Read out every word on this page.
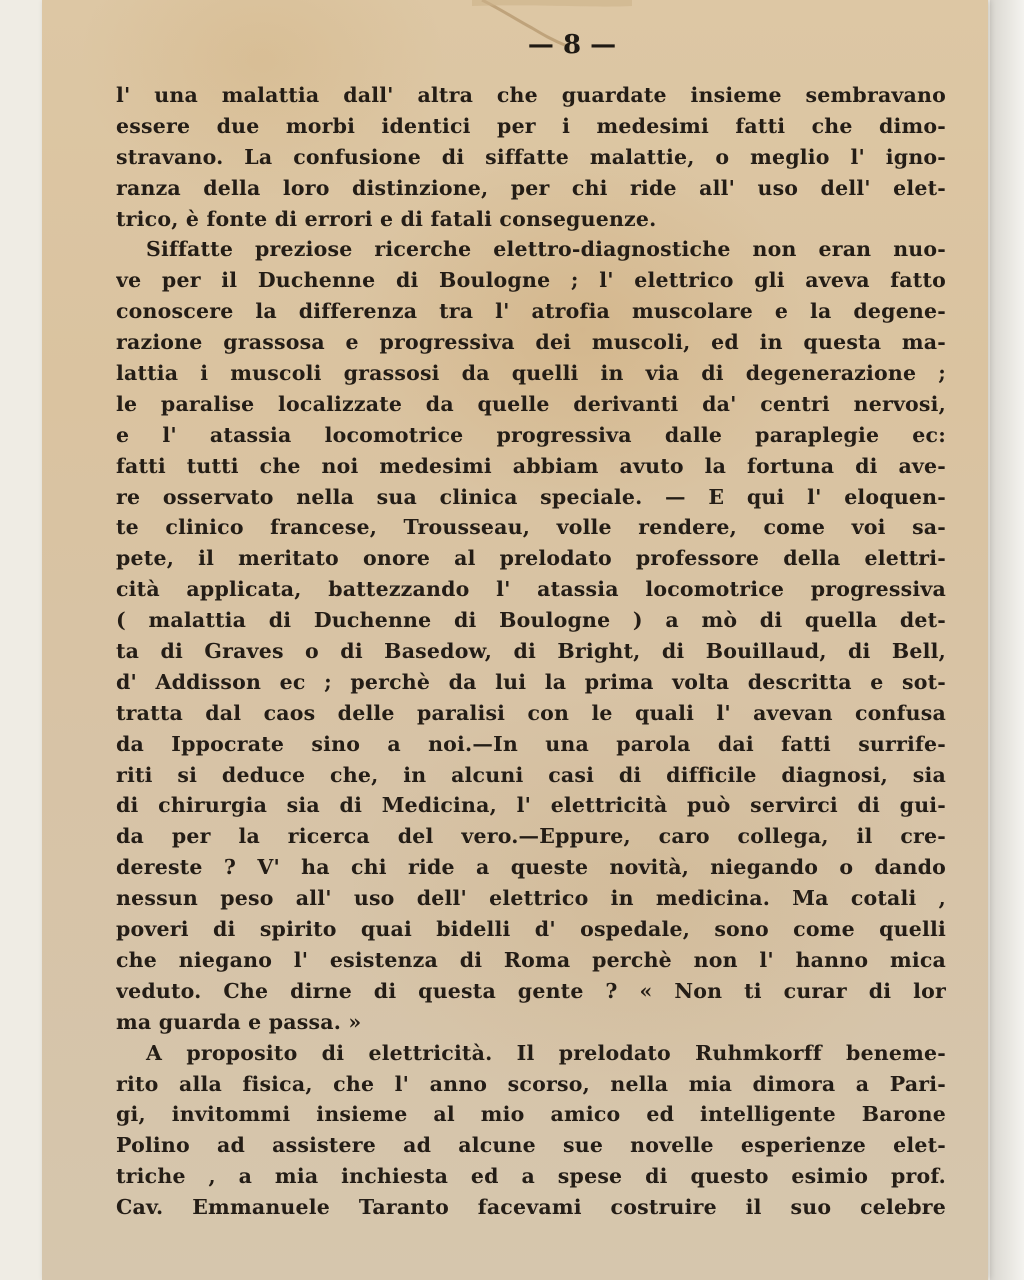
— 8 —
l' una malattia dall' altra che guardate insieme sembravano
essere due morbi identici per i medesimi fatti che dimo-
stravano. La confusione di siffatte malattie, o meglio l' igno-
ranza della loro distinzione, per chi ride all' uso dell' elet-
trico, è fonte di errori e di fatali conseguenze.
Siffatte preziose ricerche elettro-diagnostiche non eran nuo-
ve per il Duchenne di Boulogne ; l' elettrico gli aveva fatto
conoscere la differenza tra l' atrofia muscolare e la degene-
razione grassosa e progressiva dei muscoli, ed in questa ma-
lattia i muscoli grassosi da quelli in via di degenerazione ;
le paralise localizzate da quelle derivanti da' centri nervosi,
e l' atassia locomotrice progressiva dalle paraplegie ec:
fatti tutti che noi medesimi abbiam avuto la fortuna di ave-
re osservato nella sua clinica speciale. — E qui l' eloquen-
te clinico francese, Trousseau, volle rendere, come voi sa-
pete, il meritato onore al prelodato professore della elettri-
cità applicata, battezzando l' atassia locomotrice progressiva
( malattia di Duchenne di Boulogne ) a mò di quella det-
ta di Graves o di Basedow, di Bright, di Bouillaud, di Bell,
d' Addisson ec ; perchè da lui la prima volta descritta e sot-
tratta dal caos delle paralisi con le quali l' avevan confusa
da Ippocrate sino a noi.—In una parola dai fatti surrife-
riti si deduce che, in alcuni casi di difficile diagnosi, sia
di chirurgia sia di Medicina, l' elettricità può servirci di gui-
da per la ricerca del vero.—Eppure, caro collega, il cre-
dereste ? V' ha chi ride a queste novità, niegando o dando
nessun peso all' uso dell' elettrico in medicina. Ma cotali ,
poveri di spirito quai bidelli d' ospedale, sono come quelli
che niegano l' esistenza di Roma perchè non l' hanno mica
veduto. Che dirne di questa gente ? « Non ti curar di lor
ma guarda e passa. »
A proposito di elettricità. Il prelodato Ruhmkorff beneme-
rito alla fisica, che l' anno scorso, nella mia dimora a Pari-
gi, invitommi insieme al mio amico ed intelligente Barone
Polino ad assistere ad alcune sue novelle esperienze elet-
triche , a mia inchiesta ed a spese di questo esimio prof.
Cav. Emmanuele Taranto facevami costruire il suo celebre
